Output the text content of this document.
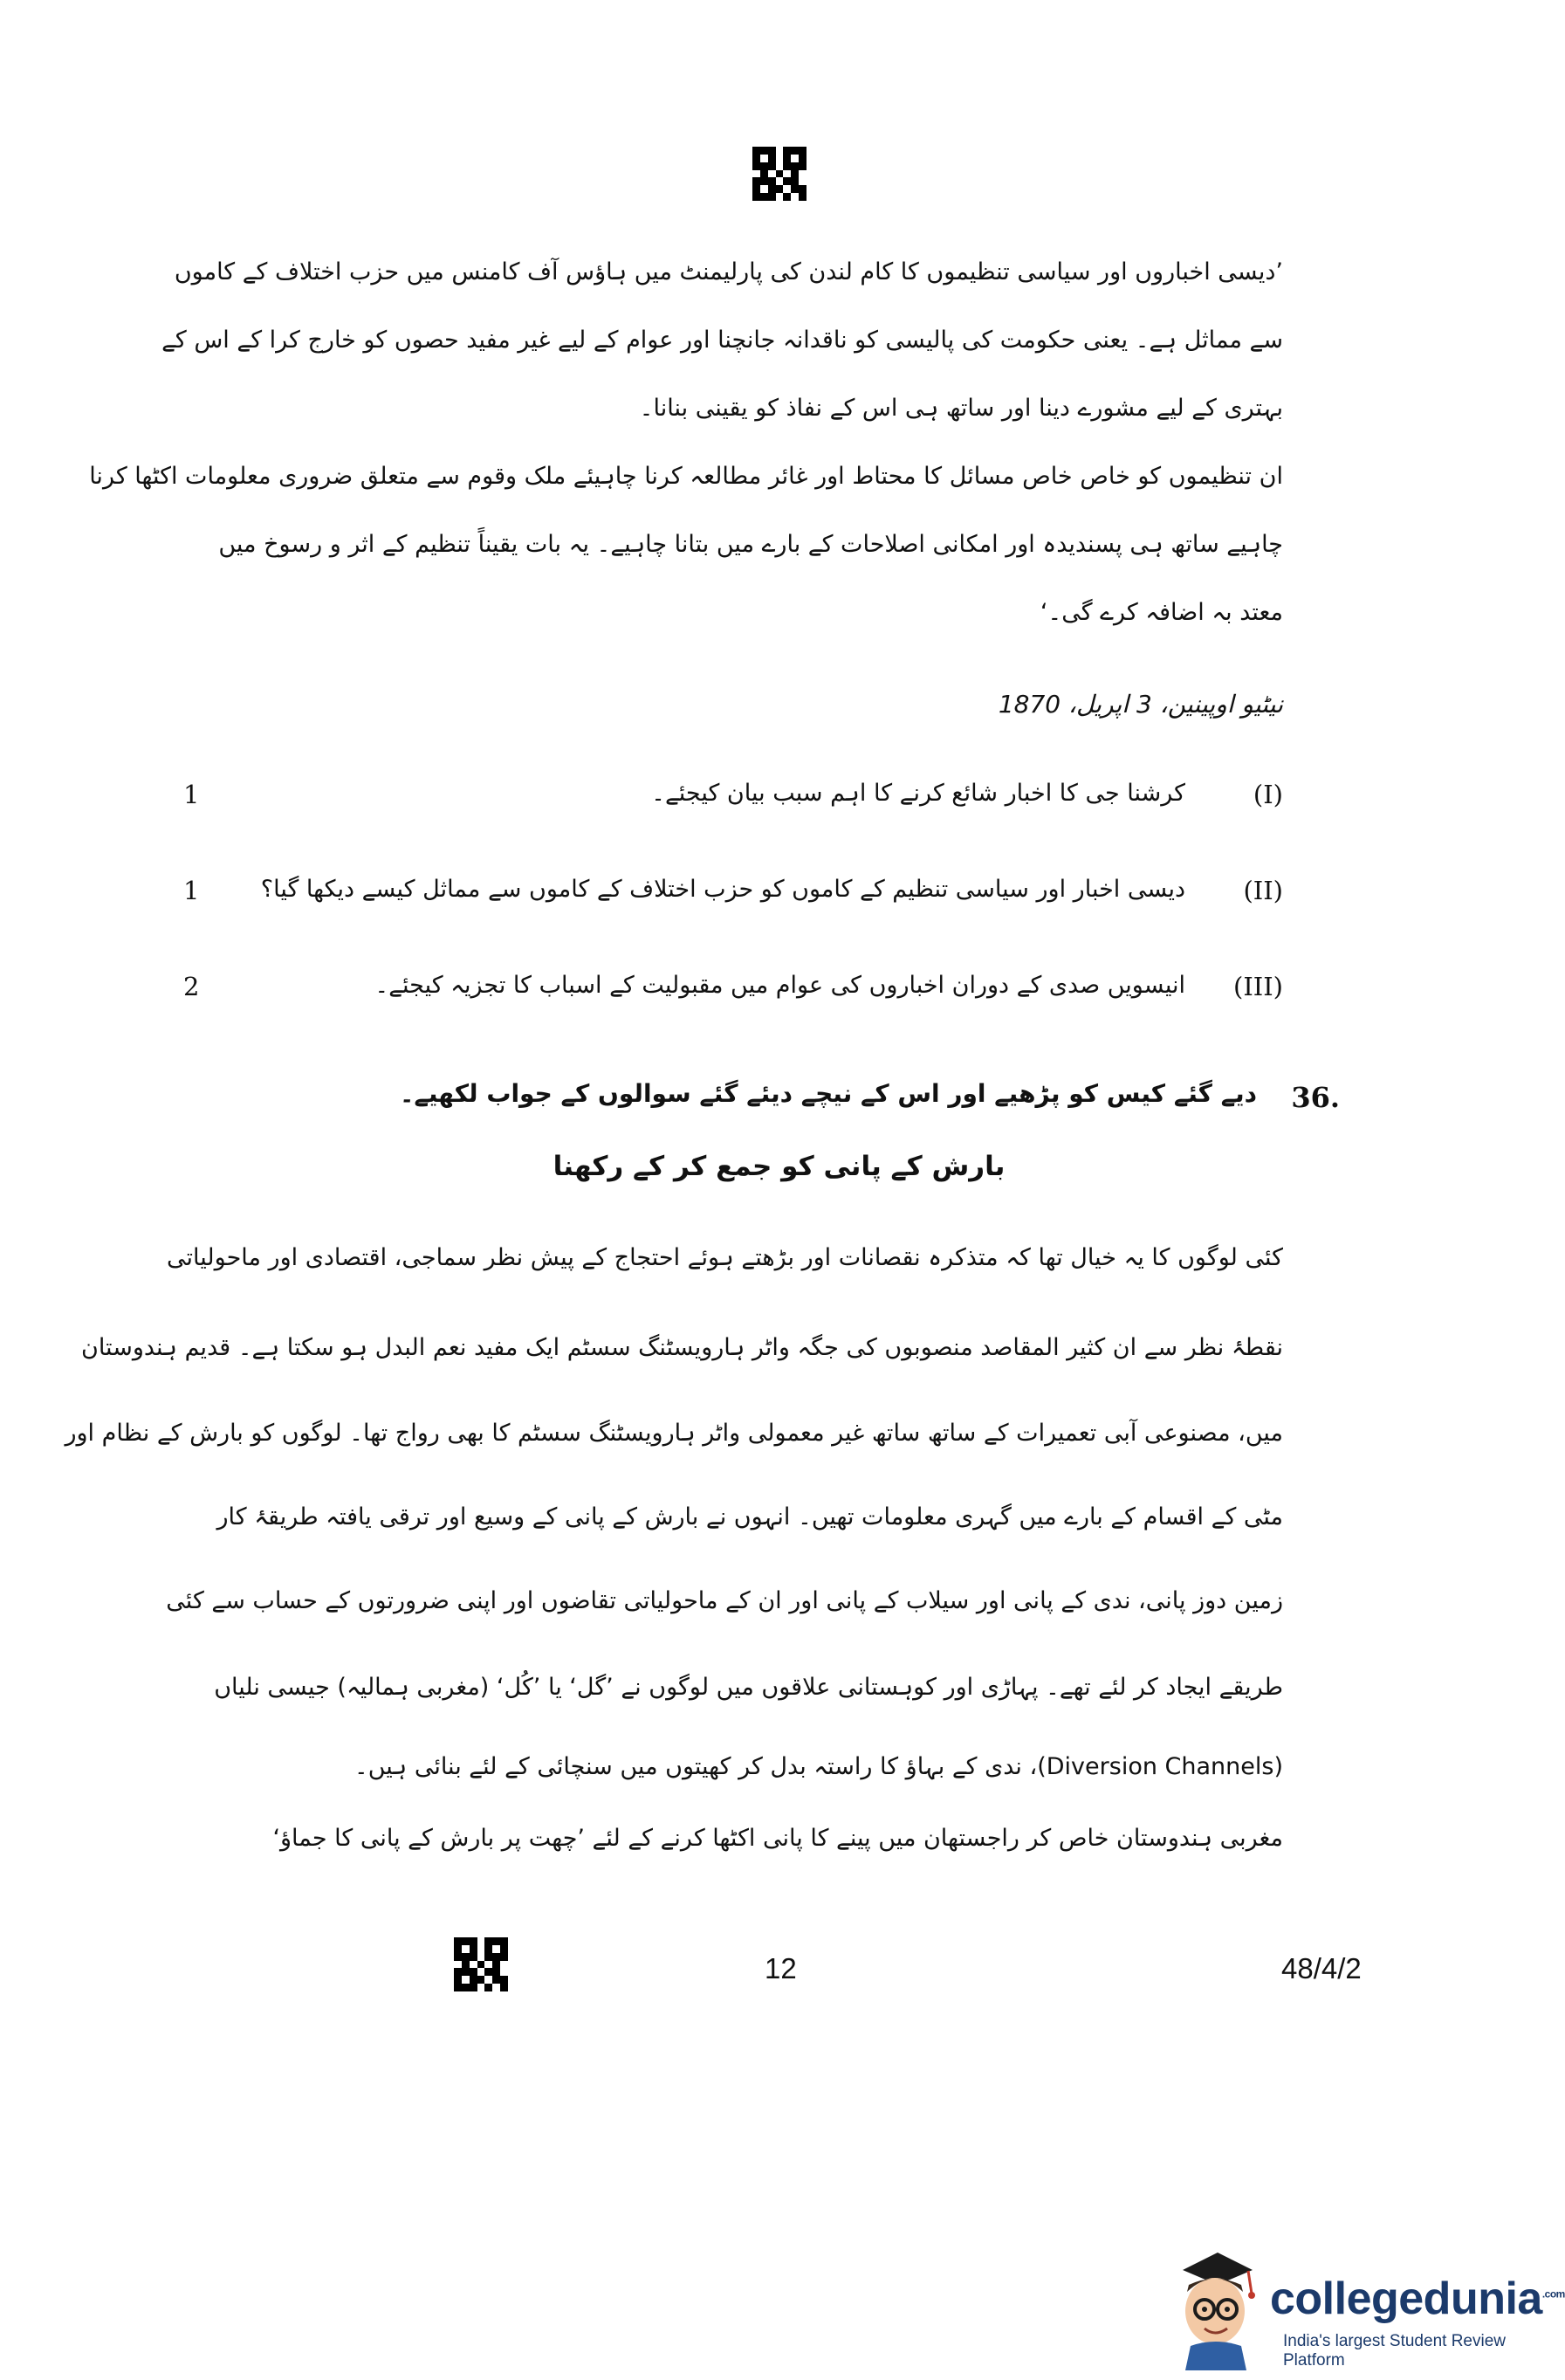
’دیسی اخباروں اور سیاسی تنظیموں کا کام لندن کی پارلیمنٹ میں ہاؤس آف کامنس میں حزب اختلاف کے کاموں
سے مماثل ہے۔ یعنی حکومت کی پالیسی کو ناقدانہ جانچنا اور عوام کے لیے غیر مفید حصوں کو خارج کرا کے اس کے
بہتری کے لیے مشورے دینا اور ساتھ ہی اس کے نفاذ کو یقینی بنانا۔
ان تنظیموں کو خاص خاص مسائل کا محتاط اور غائر مطالعہ کرنا چاہیئے ملک وقوم سے متعلق ضروری معلومات اکٹھا کرنا
چاہیے ساتھ ہی پسندیدہ اور امکانی اصلاحات کے بارے میں بتانا چاہیے۔ یہ بات یقیناً تنظیم کے اثر و رسوخ میں
معتد بہ اضافہ کرے گی۔‘
نیٹیو اوپینین، 3 اپریل، 1870
(I)
کرشنا جی کا اخبار شائع کرنے کا اہم سبب بیان کیجئے۔
1
(II)
دیسی اخبار اور سیاسی تنظیم کے کاموں کو حزب اختلاف کے کاموں سے مماثل کیسے دیکھا گیا؟
1
(III)
انیسویں صدی کے دوران اخباروں کی عوام میں مقبولیت کے اسباب کا تجزیہ کیجئے۔
2
36.
دیے گئے کیس کو پڑھیے اور اس کے نیچے دیئے گئے سوالوں کے جواب لکھیے۔
بارش کے پانی کو جمع کر کے رکھنا
کئی لوگوں کا یہ خیال تھا کہ متذکرہ نقصانات اور بڑھتے ہوئے احتجاج کے پیش نظر سماجی، اقتصادی اور ماحولیاتی
نقطۂ نظر سے ان کثیر المقاصد منصوبوں کی جگہ واٹر ہارویسٹنگ سسٹم ایک مفید نعم البدل ہو سکتا ہے۔ قدیم ہندوستان
میں، مصنوعی آبی تعمیرات کے ساتھ ساتھ غیر معمولی واٹر ہارویسٹنگ سسٹم کا بھی رواج تھا۔ لوگوں کو بارش کے نظام اور
مٹی کے اقسام کے بارے میں گہری معلومات تھیں۔ انہوں نے بارش کے پانی کے وسیع اور ترقی یافتہ طریقۂ کار
زمین دوز پانی، ندی کے پانی اور سیلاب کے پانی اور ان کے ماحولیاتی تقاضوں اور اپنی ضرورتوں کے حساب سے کئی
طریقے ایجاد کر لئے تھے۔ پہاڑی اور کوہستانی علاقوں میں لوگوں نے ’گل‘ یا ’کُل‘ (مغربی ہمالیہ) جیسی نلیاں
(Diversion Channels)، ندی کے بہاؤ کا راستہ بدل کر کھیتوں میں سنچائی کے لئے بنائی ہیں۔
مغربی ہندوستان خاص کر راجستھان میں پینے کا پانی اکٹھا کرنے کے لئے ’چھت پر بارش کے پانی کا جماؤ‘
12	48/4/2
collegedunia$^{.com}$
India's largest Student Review Platform
